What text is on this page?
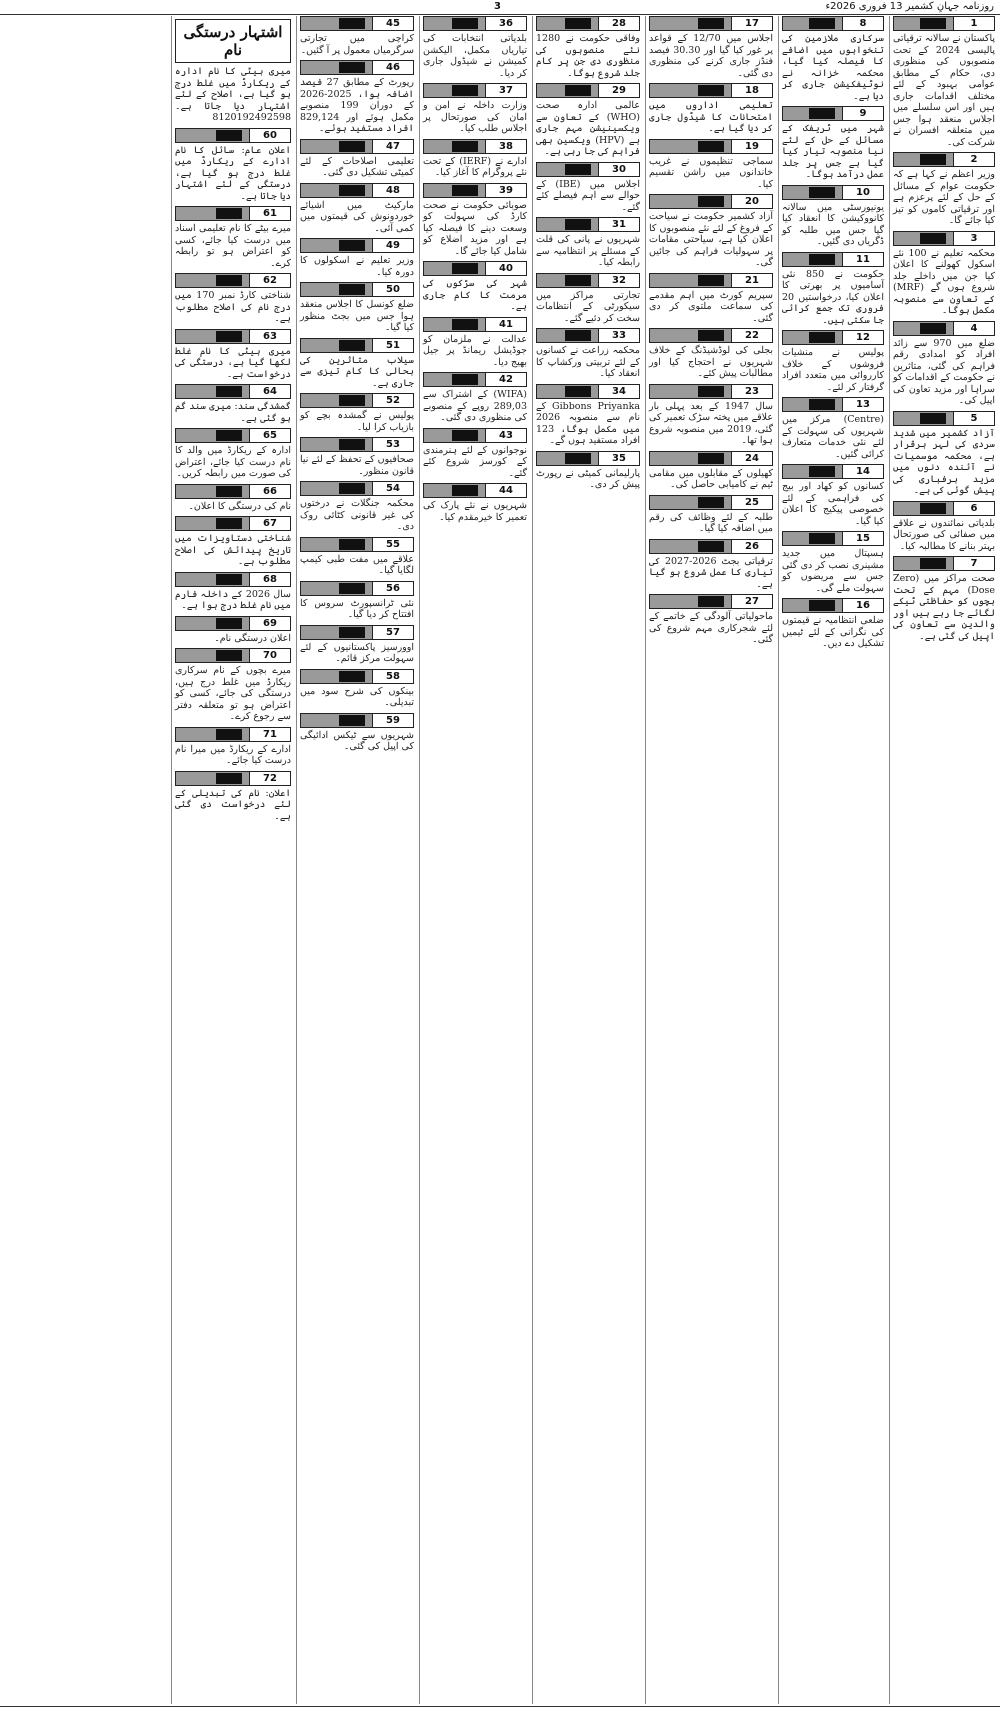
3	روزنامہ جہانِ کشمیر 13 فروری 2026ء
1
پاکستان نے سالانہ ترقیاتی پالیسی 2024 کے تحت منصوبوں کی منظوری دی، حکام کے مطابق عوامی بہبود کے لئے مختلف اقدامات جاری ہیں اور اس سلسلے میں اجلاس منعقد ہوا جس میں متعلقہ افسران نے شرکت کی۔
2
وزیر اعظم نے کہا ہے کہ حکومت عوام کے مسائل کے حل کے لئے پرعزم ہے اور ترقیاتی کاموں کو تیز کیا جائے گا۔
3
محکمہ تعلیم نے 100 نئے اسکول کھولنے کا اعلان کیا جن میں داخلے جلد شروع ہوں گے (MRF) کے تعاون سے منصوبہ مکمل ہوگا۔
4
ضلع میں 970 سے زائد افراد کو امدادی رقم فراہم کی گئی، متاثرین نے حکومت کے اقدامات کو سراہا اور مزید تعاون کی اپیل کی۔
5
آزاد کشمیر میں شدید سردی کی لہر برقرار ہے، محکمہ موسمیات نے آئندہ دنوں میں مزید برفباری کی پیش گوئی کی ہے۔
6
بلدیاتی نمائندوں نے علاقے میں صفائی کی صورتحال بہتر بنانے کا مطالبہ کیا۔
7
صحت مراکز میں (Zero Dose) مہم کے تحت بچوں کو حفاظتی ٹیکے لگائے جا رہے ہیں اور والدین سے تعاون کی اپیل کی گئی ہے۔
8
سرکاری ملازمین کی تنخواہوں میں اضافے کا فیصلہ کیا گیا، محکمہ خزانہ نے نوٹیفکیشن جاری کر دیا ہے۔
9
شہر میں ٹریفک کے مسائل کے حل کے لئے نیا منصوبہ تیار کیا گیا ہے جس پر جلد عمل درآمد ہوگا۔
10
یونیورسٹی میں سالانہ کانووکیشن کا انعقاد کیا گیا جس میں طلبہ کو ڈگریاں دی گئیں۔
11
حکومت نے 850 نئی آسامیوں پر بھرتی کا اعلان کیا، درخواستیں 20 فروری تک جمع کرائی جا سکتی ہیں۔
12
پولیس نے منشیات فروشوں کے خلاف کارروائی میں متعدد افراد گرفتار کر لئے۔
13
(Centre) مرکز میں شہریوں کی سہولت کے لئے نئی خدمات متعارف کرائی گئیں۔
14
کسانوں کو کھاد اور بیج کی فراہمی کے لئے خصوصی پیکیج کا اعلان کیا گیا۔
15
ہسپتال میں جدید مشینری نصب کر دی گئی جس سے مریضوں کو سہولت ملے گی۔
16
ضلعی انتظامیہ نے قیمتوں کی نگرانی کے لئے ٹیمیں تشکیل دے دیں۔
17
اجلاس میں 12/70 کے قواعد پر غور کیا گیا اور 30.30 فیصد فنڈز جاری کرنے کی منظوری دی گئی۔
18
تعلیمی اداروں میں امتحانات کا شیڈول جاری کر دیا گیا ہے۔
19
سماجی تنظیموں نے غریب خاندانوں میں راشن تقسیم کیا۔
20
آزاد کشمیر حکومت نے سیاحت کے فروغ کے لئے نئے منصوبوں کا اعلان کیا ہے، سیاحتی مقامات پر سہولیات فراہم کی جائیں گی۔
21
سپریم کورٹ میں اہم مقدمے کی سماعت ملتوی کر دی گئی۔
22
بجلی کی لوڈشیڈنگ کے خلاف شہریوں نے احتجاج کیا اور مطالبات پیش کئے۔
23
سال 1947 کے بعد پہلی بار علاقے میں پختہ سڑک تعمیر کی گئی، 2019 میں منصوبہ شروع ہوا تھا۔
24
کھیلوں کے مقابلوں میں مقامی ٹیم نے کامیابی حاصل کی۔
25
طلبہ کے لئے وظائف کی رقم میں اضافہ کیا گیا۔
26
ترقیاتی بجٹ 2026-2027 کی تیاری کا عمل شروع ہو گیا ہے۔
27
ماحولیاتی آلودگی کے خاتمے کے لئے شجرکاری مہم شروع کی گئی۔
28
وفاقی حکومت نے 1280 نئے منصوبوں کی منظوری دی جن پر کام جلد شروع ہوگا۔
29
عالمی ادارہ صحت (WHO) کے تعاون سے ویکسینیشن مہم جاری ہے (HPV) ویکسین بھی فراہم کی جا رہی ہے۔
30
اجلاس میں (IBE) کے حوالے سے اہم فیصلے کئے گئے۔
31
شہریوں نے پانی کی قلت کے مسئلے پر انتظامیہ سے رابطہ کیا۔
32
تجارتی مراکز میں سیکورٹی کے انتظامات سخت کر دئیے گئے۔
33
محکمہ زراعت نے کسانوں کے لئے تربیتی ورکشاپ کا انعقاد کیا۔
34
Gibbons Priyanka کے نام سے منصوبہ 2026 میں مکمل ہوگا، 123 افراد مستفید ہوں گے۔
35
پارلیمانی کمیٹی نے رپورٹ پیش کر دی۔
36
بلدیاتی انتخابات کی تیاریاں مکمل، الیکشن کمیشن نے شیڈول جاری کر دیا۔
37
وزارت داخلہ نے امن و امان کی صورتحال پر اجلاس طلب کیا۔
38
ادارے نے (IERF) کے تحت نئے پروگرام کا آغاز کیا۔
39
صوبائی حکومت نے صحت کارڈ کی سہولت کو وسعت دینے کا فیصلہ کیا ہے اور مزید اضلاع کو شامل کیا جائے گا۔
40
شہر کی سڑکوں کی مرمت کا کام جاری ہے۔
41
عدالت نے ملزمان کو جوڈیشل ریمانڈ پر جیل بھیج دیا۔
42
(WIFA) کے اشتراک سے 289,03 روپے کے منصوبے کی منظوری دی گئی۔
43
نوجوانوں کے لئے ہنرمندی کے کورسز شروع کئے گئے۔
44
شہریوں نے نئے پارک کی تعمیر کا خیرمقدم کیا۔
45
کراچی میں تجارتی سرگرمیاں معمول پر آ گئیں۔
46
رپورٹ کے مطابق 27 فیصد اضافہ ہوا، 2025-2026 کے دوران 199 منصوبے مکمل ہوئے اور 829,124 افراد مستفید ہوئے۔
47
تعلیمی اصلاحات کے لئے کمیٹی تشکیل دی گئی۔
48
مارکیٹ میں اشیائے خوردونوش کی قیمتوں میں کمی آئی۔
49
وزیر تعلیم نے اسکولوں کا دورہ کیا۔
50
ضلع کونسل کا اجلاس منعقد ہوا جس میں بجٹ منظور کیا گیا۔
51
سیلاب متاثرین کی بحالی کا کام تیزی سے جاری ہے۔
52
پولیس نے گمشدہ بچے کو بازیاب کرا لیا۔
53
صحافیوں کے تحفظ کے لئے نیا قانون منظور۔
54
محکمہ جنگلات نے درختوں کی غیر قانونی کٹائی روک دی۔
55
علاقے میں مفت طبی کیمپ لگایا گیا۔
56
نئی ٹرانسپورٹ سروس کا افتتاح کر دیا گیا۔
57
اوورسیز پاکستانیوں کے لئے سہولت مرکز قائم۔
58
بینکوں کی شرح سود میں تبدیلی۔
59
شہریوں سے ٹیکس ادائیگی کی اپیل کی گئی۔
اشتہار درستگی نام
میری بیٹی کا نام ادارہ کے ریکارڈ میں غلط درج ہو گیا ہے، اصلاح کے لئے اشتہار دیا جاتا ہے۔ 8120192492598
60
اعلانِ عام: سائل کا نام ادارے کے ریکارڈ میں غلط درج ہو گیا ہے، درستگی کے لئے اشتہار دیا جاتا ہے۔
61
میرے بیٹے کا نام تعلیمی اسناد میں درست کیا جائے، کسی کو اعتراض ہو تو رابطہ کرے۔
62
شناختی کارڈ نمبر 170 میں درج نام کی اصلاح مطلوب ہے۔
63
میری بیٹی کا نام غلط لکھا گیا ہے، درستگی کی درخواست ہے۔
64
گمشدگی سند: میری سند گم ہو گئی ہے۔
65
ادارہ کے ریکارڈ میں والد کا نام درست کیا جائے، اعتراض کی صورت میں رابطہ کریں۔
66
نام کی درستگی کا اعلان۔
67
شناختی دستاویزات میں تاریخ پیدائش کی اصلاح مطلوب ہے۔
68
سال 2026 کے داخلہ فارم میں نام غلط درج ہوا ہے۔
69
اعلان درستگی نام۔
70
میرے بچوں کے نام سرکاری ریکارڈ میں غلط درج ہیں، درستگی کی جائے، کسی کو اعتراض ہو تو متعلقہ دفتر سے رجوع کرے۔
71
ادارے کے ریکارڈ میں میرا نام درست کیا جائے۔
72
اعلان: نام کی تبدیلی کے لئے درخواست دی گئی ہے۔
